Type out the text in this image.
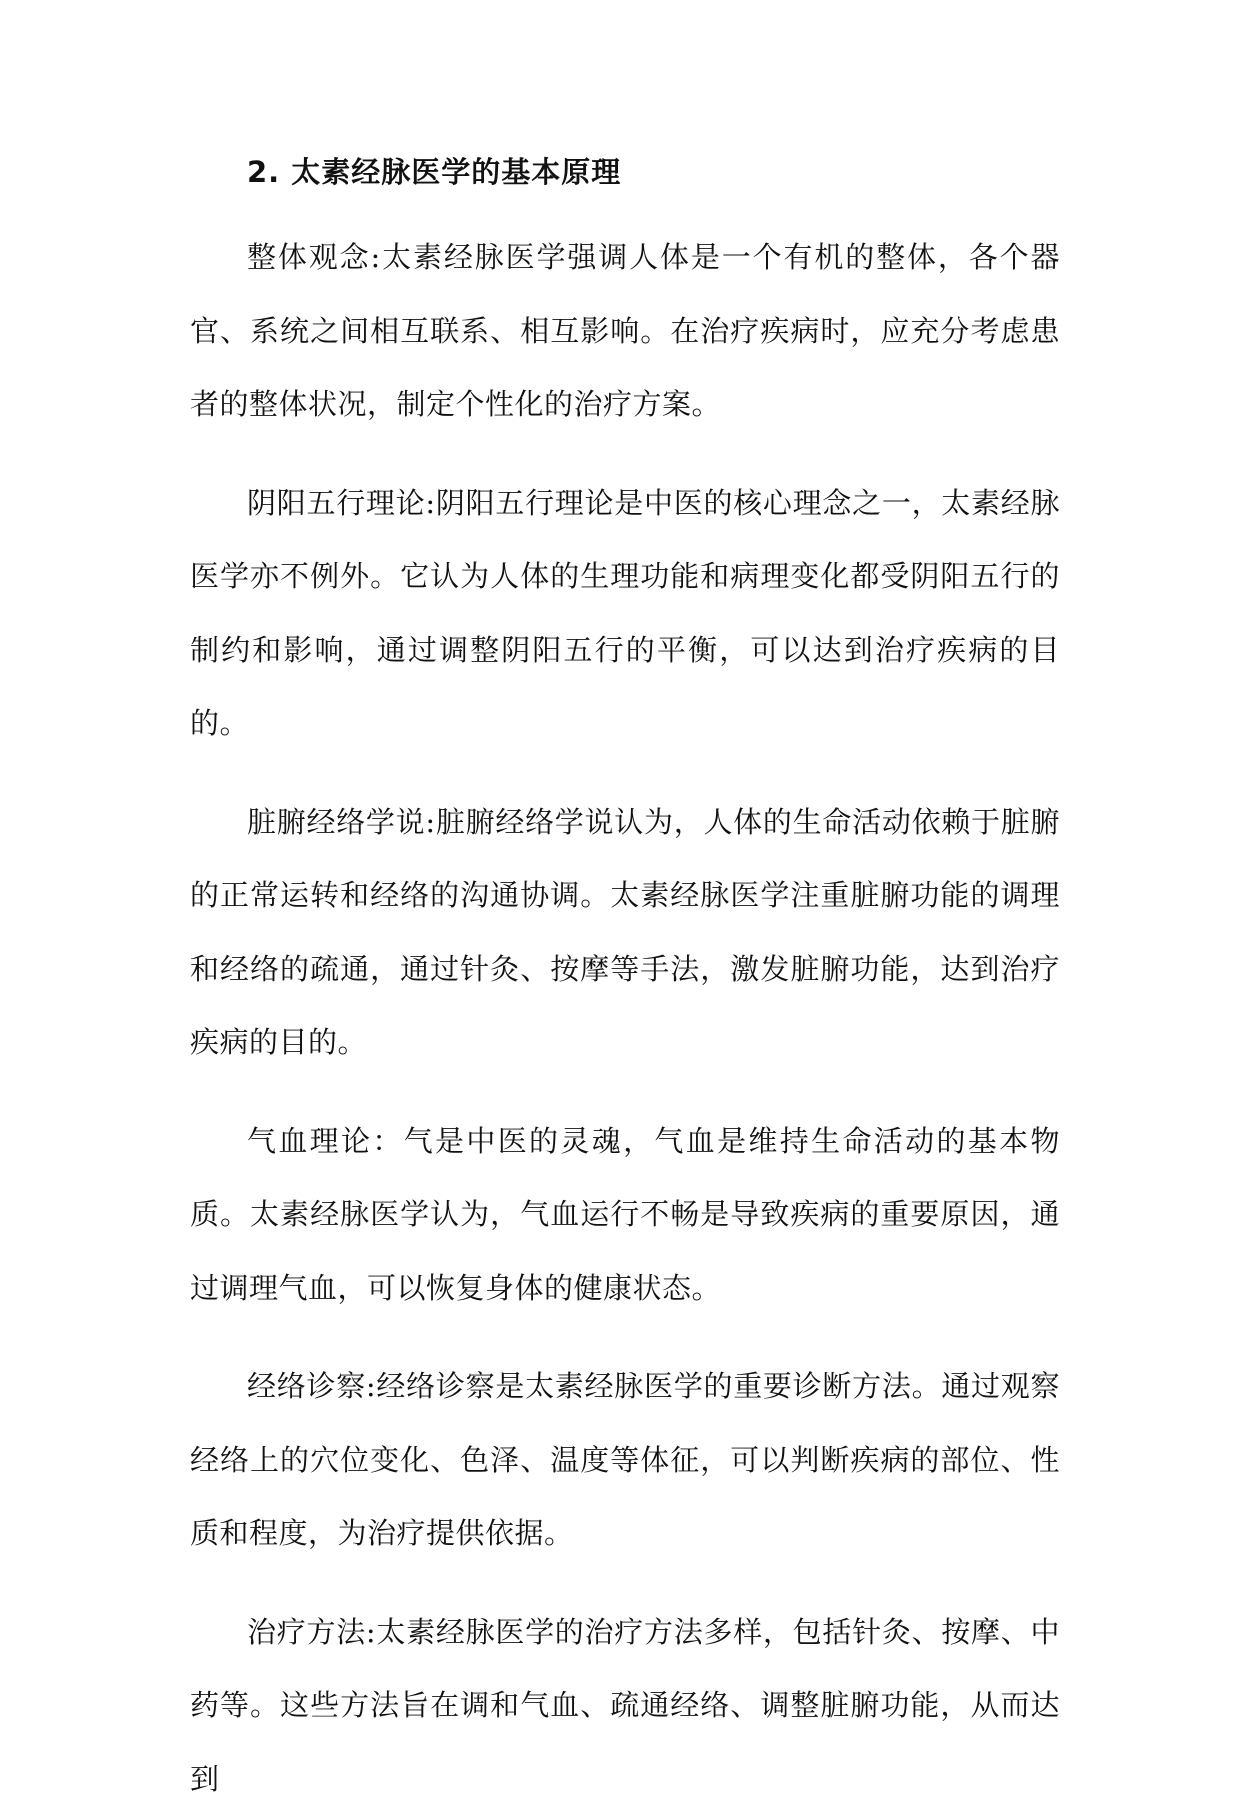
2. 太素经脉医学的基本原理

整体观念:太素经脉医学强调人体是一个有机的整体，各个器官、系统之间相互联系、相互影响。在治疗疾病时，应充分考虑患者的整体状况，制定个性化的治疗方案。

阴阳五行理论:阴阳五行理论是中医的核心理念之一，太素经脉医学亦不例外。它认为人体的生理功能和病理变化都受阴阳五行的制约和影响，通过调整阴阳五行的平衡，可以达到治疗疾病的目的。

脏腑经络学说:脏腑经络学说认为，人体的生命活动依赖于脏腑的正常运转和经络的沟通协调。太素经脉医学注重脏腑功能的调理和经络的疏通，通过针灸、按摩等手法，激发脏腑功能，达到治疗疾病的目的。

气血理论：气是中医的灵魂，气血是维持生命活动的基本物质。太素经脉医学认为，气血运行不畅是导致疾病的重要原因，通过调理气血，可以恢复身体的健康状态。

经络诊察:经络诊察是太素经脉医学的重要诊断方法。通过观察经络上的穴位变化、色泽、温度等体征，可以判断疾病的部位、性质和程度，为治疗提供依据。

治疗方法:太素经脉医学的治疗方法多样，包括针灸、按摩、中药等。这些方法旨在调和气血、疏通经络、调整脏腑功能，从而达到
